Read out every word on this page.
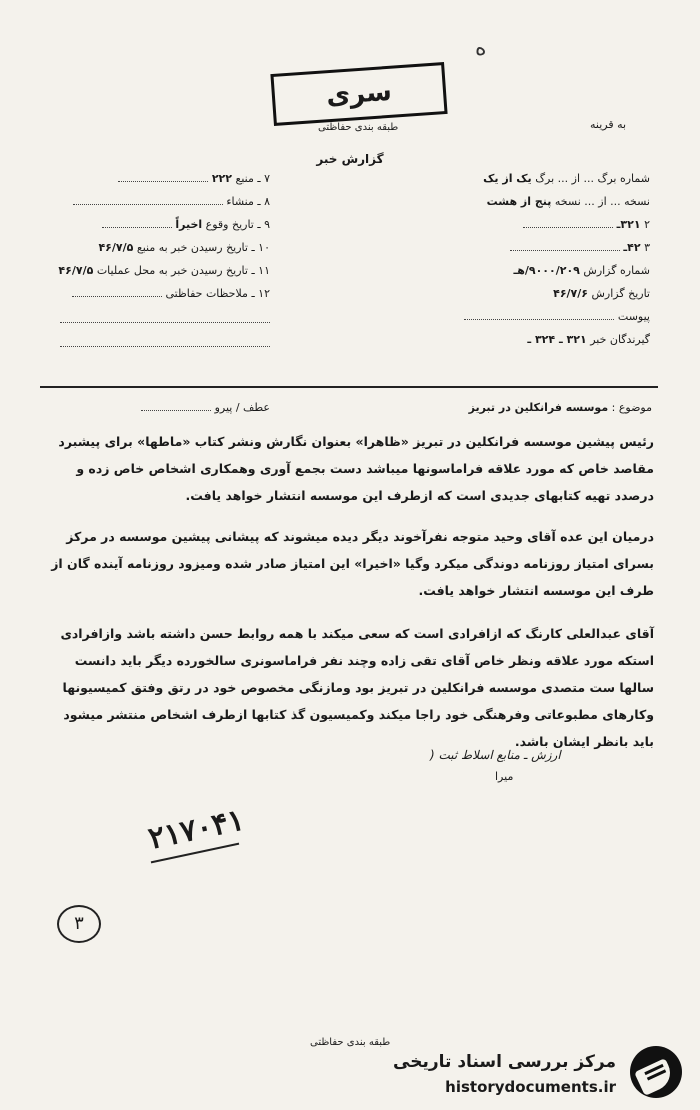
ه
سری
طبقه بندی حفاظتی
گزارش خبر
به قرینه
۷ ـ منبع ۲۲۲
۸ ـ منشاء
۹ ـ تاریخ وقوع اخیراً
۱۰ ـ تاریخ رسیدن خبر به منبع ۴۶/۷/۵
۱۱ ـ تاریخ رسیدن خبر به محل عملیات ۴۶/۷/۵
۱۲ ـ ملاحظات حفاظتی
شماره برگ ... از ... برگ یک از یک
نسخه ... از ... نسخه پنج از هشت
۲ ۳۲۱ـ
۳ ۴۲ـ
شماره گزارش ۹۰۰۰/۲۰۹/هـ
تاریخ گزارش ۴۶/۷/۶
پیوست
گیرندگان خبر ۳۲۱ ـ ۳۲۴ ـ
موضوع : موسسه فرانکلین در تبریز
عطف / پیرو
رئیس پیشین موسسه فرانکلین در تبریز «ظاهرا» بعنوان نگارش ونشر کتاب «ماطها» برای پیشبرد مقاصد خاص که مورد علاقه فراماسونها میباشد دست بجمع آوری وهمکاری اشخاص خاص زده و درصدد تهیه کتابهای جدیدی است که ازطرف این موسسه انتشار خواهد یافت.
درمیان این عده آقای وحید متوجه نفرآخوند دیگر دیده میشوند که پیشانی پیشین موسسه در مرکز بسرای امتیاز روزنامه دوندگی میکرد وگیا «اخیرا» این امتیاز صادر شده ومیزود روزنامه آینده گان از طرف این موسسه انتشار خواهد یافت.
آقای عبدالعلی کارنگ که ازافرادی است که سعی میکند با همه روابط حسن داشته باشد وازافرادی استکه مورد علاقه ونظر خاص آقای تقی زاده وچند نفر فراماسونری سالخورده دیگر باید دانست سالها ست متصدی موسسه فرانکلین در تبریز بود ومازنگی مخصوص خود در رتق وفتق کمیسیونها وکارهای مطبوعاتی وفرهنگی خود راجا میکند وکمیسیون گذ کتابها ازطرف اشخاص منتشر میشود باید بانظر ایشان باشد.
ارزش ـ منابع اسلاط ثبت (
میرا
۲۱۷۰۴۱
۳
طبقه بندی حفاظتی
مرکز بررسی اسناد تاریخی
historydocuments.ir
